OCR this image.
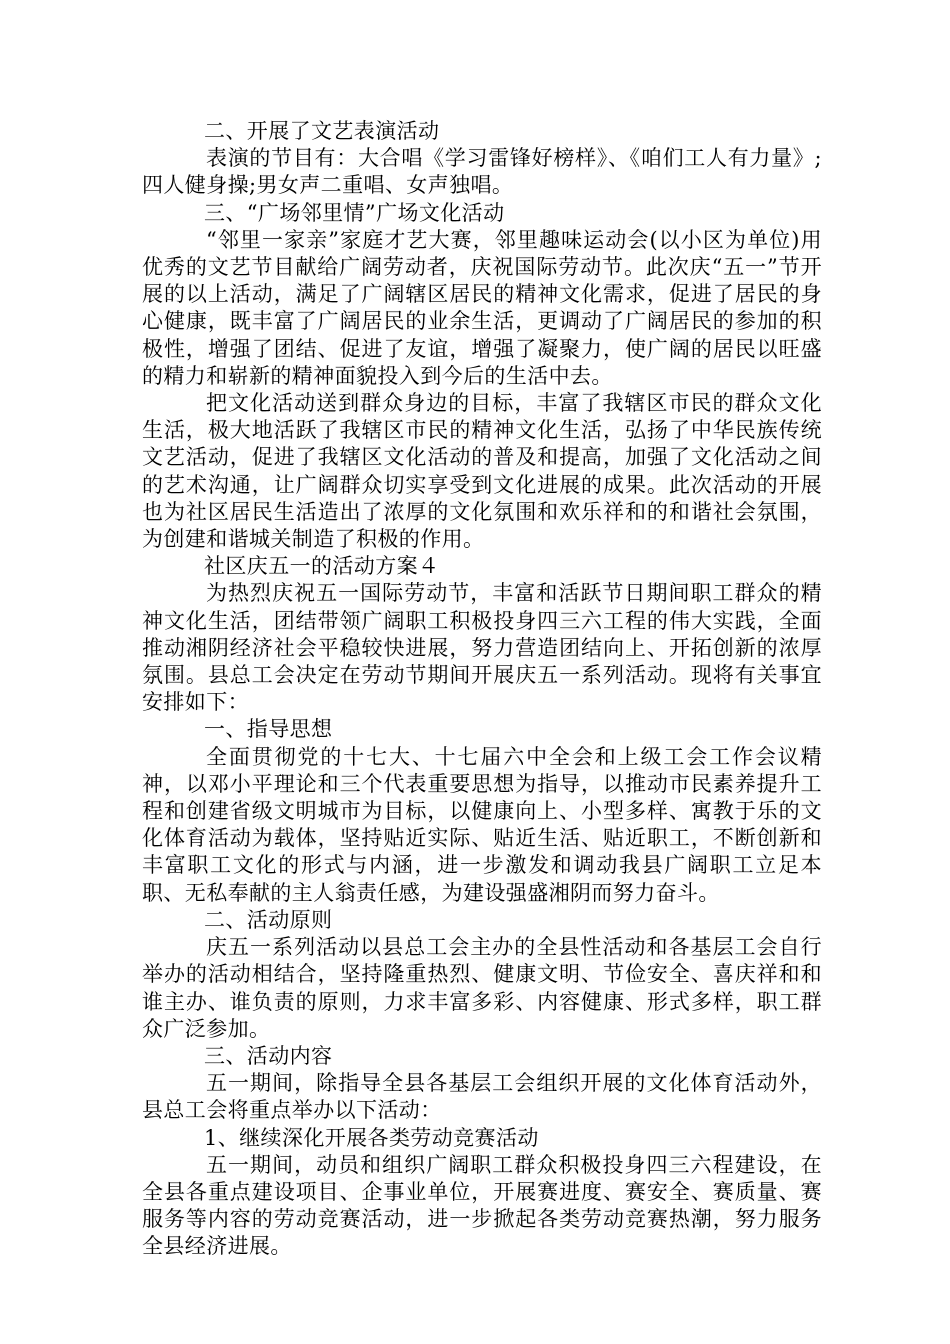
二、开展了文艺表演活动

表演的节目有：大合唱《学习雷锋好榜样》、《咱们工人有力量》;四人健身操;男女声二重唱、女声独唱。

三、“广场邻里情”广场文化活动

“邻里一家亲”家庭才艺大赛，邻里趣味运动会(以小区为单位)用优秀的文艺节目献给广阔劳动者，庆祝国际劳动节。此次庆“五一”节开展的以上活动，满足了广阔辖区居民的精神文化需求，促进了居民的身心健康，既丰富了广阔居民的业余生活，更调动了广阔居民的参加的积极性，增强了团结、促进了友谊，增强了凝聚力，使广阔的居民以旺盛的精力和崭新的精神面貌投入到今后的生活中去。

把文化活动送到群众身边的目标，丰富了我辖区市民的群众文化生活，极大地活跃了我辖区市民的精神文化生活，弘扬了中华民族传统文艺活动，促进了我辖区文化活动的普及和提高，加强了文化活动之间的艺术沟通，让广阔群众切实享受到文化进展的成果。此次活动的开展也为社区居民生活造出了浓厚的文化氛围和欢乐祥和的和谐社会氛围，为创建和谐城关制造了积极的作用。

社区庆五一的活动方案４

为热烈庆祝五一国际劳动节，丰富和活跃节日期间职工群众的精神文化生活，团结带领广阔职工积极投身四三六工程的伟大实践，全面推动湘阴经济社会平稳较快进展，努力营造团结向上、开拓创新的浓厚氛围。县总工会决定在劳动节期间开展庆五一系列活动。现将有关事宜安排如下：

一、指导思想

全面贯彻党的十七大、十七届六中全会和上级工会工作会议精神，以邓小平理论和三个代表重要思想为指导，以推动市民素养提升工程和创建省级文明城市为目标，以健康向上、小型多样、寓教于乐的文化体育活动为载体，坚持贴近实际、贴近生活、贴近职工，不断创新和丰富职工文化的形式与内涵，进一步激发和调动我县广阔职工立足本职、无私奉献的主人翁责任感，为建设强盛湘阴而努力奋斗。

二、活动原则

庆五一系列活动以县总工会主办的全县性活动和各基层工会自行举办的活动相结合，坚持隆重热烈、健康文明、节俭安全、喜庆祥和和谁主办、谁负责的原则，力求丰富多彩、内容健康、形式多样，职工群众广泛参加。

三、活动内容

五一期间，除指导全县各基层工会组织开展的文化体育活动外，县总工会将重点举办以下活动：

1、继续深化开展各类劳动竞赛活动

五一期间，动员和组织广阔职工群众积极投身四三六程建设，在全县各重点建设项目、企事业单位，开展赛进度、赛安全、赛质量、赛服务等内容的劳动竞赛活动，进一步掀起各类劳动竞赛热潮，努力服务全县经济进展。
